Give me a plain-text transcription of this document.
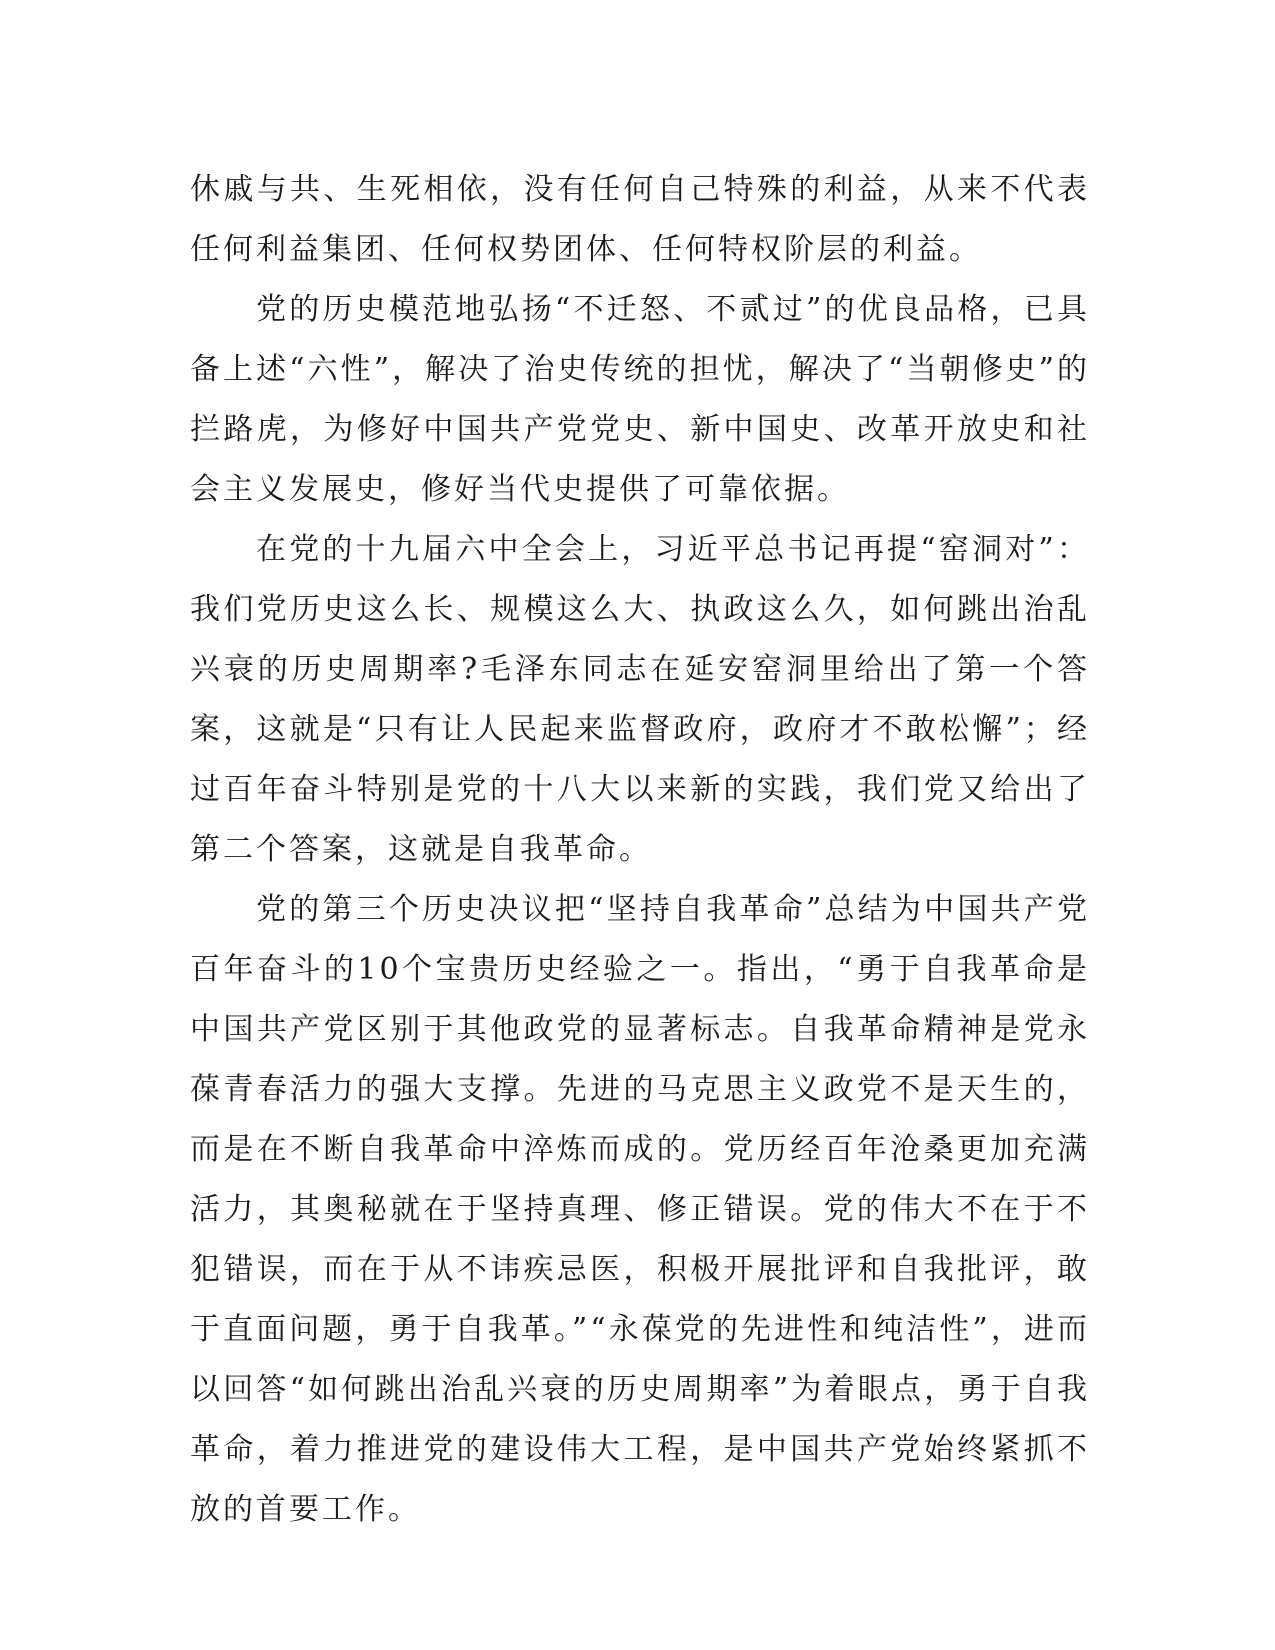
休戚与共、生死相依，没有任何自己特殊的利益，从来不代表任何利益集团、任何权势团体、任何特权阶层的利益。

党的历史模范地弘扬“不迁怒、不贰过”的优良品格，已具备上述“六性”，解决了治史传统的担忧，解决了“当朝修史”的拦路虎，为修好中国共产党党史、新中国史、改革开放史和社会主义发展史，修好当代史提供了可靠依据。

在党的十九届六中全会上，习近平总书记再提“窑洞对”：我们党历史这么长、规模这么大、执政这么久，如何跳出治乱兴衰的历史周期率?毛泽东同志在延安窑洞里给出了第一个答案，这就是“只有让人民起来监督政府，政府才不敢松懈”；经过百年奋斗特别是党的十八大以来新的实践，我们党又给出了第二个答案，这就是自我革命。

党的第三个历史决议把“坚持自我革命”总结为中国共产党百年奋斗的10个宝贵历史经验之一。指出，“勇于自我革命是中国共产党区别于其他政党的显著标志。自我革命精神是党永葆青春活力的强大支撑。先进的马克思主义政党不是天生的，而是在不断自我革命中淬炼而成的。党历经百年沧桑更加充满活力，其奥秘就在于坚持真理、修正错误。党的伟大不在于不犯错误，而在于从不讳疾忌医，积极开展批评和自我批评，敢于直面问题，勇于自我革。”“永葆党的先进性和纯洁性”，进而以回答“如何跳出治乱兴衰的历史周期率”为着眼点，勇于自我革命，着力推进党的建设伟大工程，是中国共产党始终紧抓不放的首要工作。
